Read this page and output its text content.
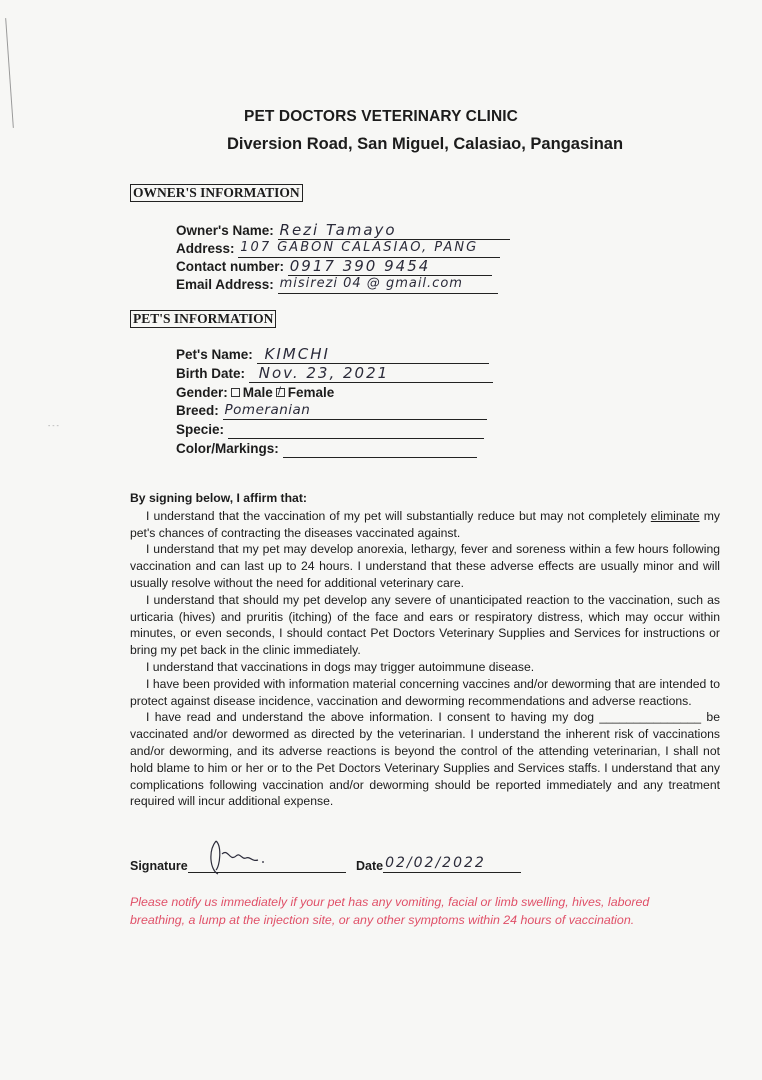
- - -
PET DOCTORS VETERINARY CLINIC
Diversion Road, San Miguel, Calasiao, Pangasinan
OWNER'S INFORMATION
Owner's Name: Rezi Tamayo
Address: 107 GABON CALASIAO, PANG
Contact number: 0917 390 9454
Email Address: misirezi 04 @ gmail.com
PET'S INFORMATION
Pet's Name: KIMCHI
Birth Date: Nov. 23, 2021
Gender: Male / Female
Breed: Pomeranian
Specie:
Color/Markings:

By signing below, I affirm that:

I understand that the vaccination of my pet will substantially reduce but may not completely eliminate my pet's chances of contracting the diseases vaccinated against.

I understand that my pet may develop anorexia, lethargy, fever and soreness within a few hours following vaccination and can last up to 24 hours. I understand that these adverse effects are usually minor and will usually resolve without the need for additional veterinary care.

I understand that should my pet develop any severe of unanticipated reaction to the vaccination, such as urticaria (hives) and pruritis (itching) of the face and ears or respiratory distress, which may occur within minutes, or even seconds, I should contact Pet Doctors Veterinary Supplies and Services for instructions or bring my pet back in the clinic immediately.

I understand that vaccinations in dogs may trigger autoimmune disease.

I have been provided with information material concerning vaccines and/or deworming that are intended to protect against disease incidence, vaccination and deworming recommendations and adverse reactions.

I have read and understand the above information. I consent to having my dog _______________ be vaccinated and/or dewormed as directed by the veterinarian. I understand the inherent risk of vaccinations and/or deworming, and its adverse reactions is beyond the control of the attending veterinarian, I shall not hold blame to him or her or to the Pet Doctors Veterinary Supplies and Services staffs. I understand that any complications following vaccination and/or deworming should be reported immediately and any treatment required will incur additional expense.

Signature	Date 02/02/2022
Please notify us immediately if your pet has any vomiting, facial or limb swelling, hives, labored breathing, a lump at the injection site, or any other symptoms within 24 hours of vaccination.
